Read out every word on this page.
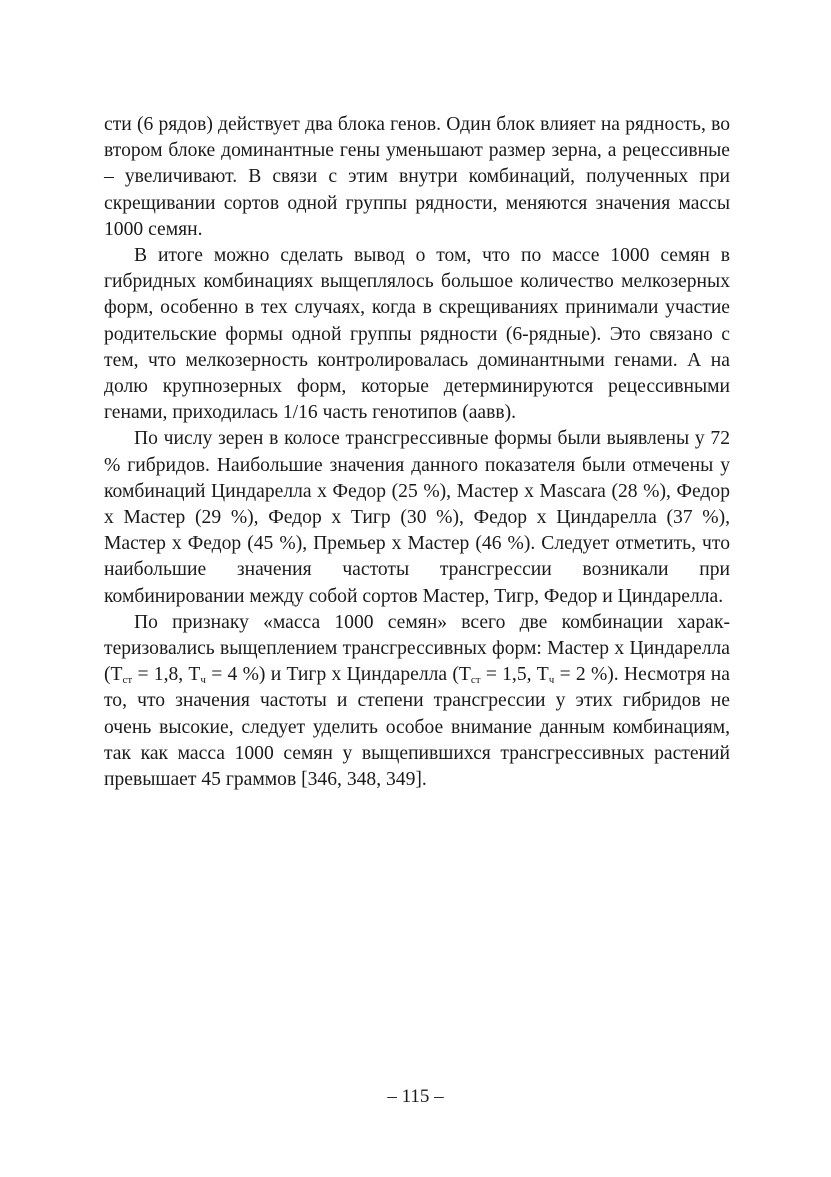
сти (6 рядов) действует два блока генов. Один блок влияет на рядность, во втором блоке доминантные гены уменьшают размер зерна, а рецессивные – увеличивают. В связи с этим внутри комбинаций, полученных при скрещивании сортов одной группы рядности, меняются значения массы 1000 семян.

В итоге можно сделать вывод о том, что по массе 1000 семян в гибридных комбинациях выщеплялось большое количество мелкозерных форм, особенно в тех случаях, когда в скрещиваниях принимали участие родительские формы одной группы рядности (6-рядные). Это связано с тем, что мелкозерность контролировалась доминантными генами. А на долю крупнозерных форм, которые детерминируются рецессивными генами, приходилась 1/16 часть генотипов (аавв).

По числу зерен в колосе трансгрессивные формы были выявлены у 72 % гибридов. Наибольшие значения данного показателя были отмечены у комбинаций Циндарелла х Федор (25 %), Мастер х Mascara (28 %), Федор х Мастер (29 %), Федор х Тигр (30 %), Федор х Циндарелла (37 %), Мастер х Федор (45 %), Премьер х Мастер (46 %). Следует отметить, что наибольшие значения частоты трансгрессии возникали при комбинировании между собой сортов Мастер, Тигр, Федор и Циндарелла.

По признаку «масса 1000 семян» всего две комбинации характеризовались выщеплением трансгрессивных форм: Мастер х Циндарелла ($Т_{ст} = 1,8$, $Т_ч = 4$ %) и Тигр х Циндарелла ($Т_{ст} = 1,5$, $Т_ч = 2$ %). Несмотря на то, что значения частоты и степени трансгрессии у этих гибридов не очень высокие, следует уделить особое внимание данным комбинациям, так как масса 1000 семян у выщепившихся трансгрессивных растений превышает 45 граммов [346, 348, 349].

– 115 –
